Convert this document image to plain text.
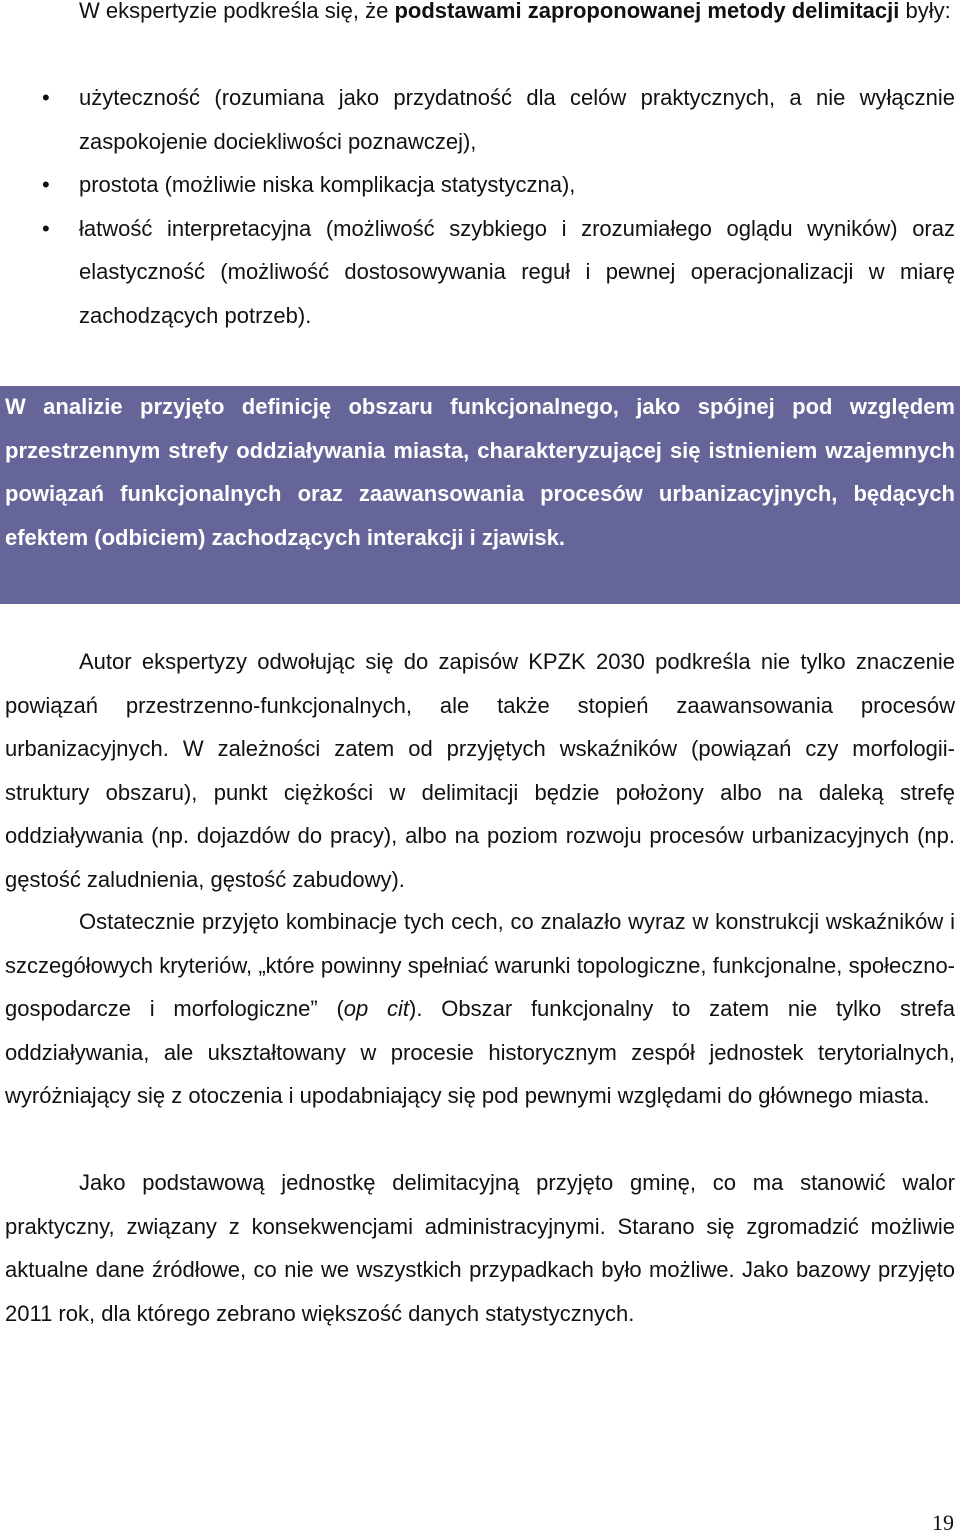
W ekspertyzie podkreśla się, że podstawami zaproponowanej metody delimitacji były:

• użyteczność (rozumiana jako przydatność dla celów praktycznych, a nie wyłącznie zaspokojenie dociekliwości poznawczej),
• prostota (możliwie niska komplikacja statystyczna),
• łatwość interpretacyjna (możliwość szybkiego i zrozumiałego oglądu wyników) oraz elastyczność (możliwość dostosowywania reguł i pewnej operacjonalizacji w miarę zachodzących potrzeb).

W analizie przyjęto definicję obszaru funkcjonalnego, jako spójnej pod względem przestrzennym strefy oddziaływania miasta, charakteryzującej się istnieniem wzajemnych powiązań funkcjonalnych oraz zaawansowania procesów urbanizacyjnych, będących efektem (odbiciem) zachodzących interakcji i zjawisk.

Autor ekspertyzy odwołując się do zapisów KPZK 2030 podkreśla nie tylko znaczenie powiązań przestrzenno-funkcjonalnych, ale także stopień zaawansowania procesów urbanizacyjnych. W zależności zatem od przyjętych wskaźników (powiązań czy morfologii-struktury obszaru), punkt ciężkości w delimitacji będzie położony albo na daleką strefę oddziaływania (np. dojazdów do pracy), albo na poziom rozwoju procesów urbanizacyjnych (np. gęstość zaludnienia, gęstość zabudowy).

Ostatecznie przyjęto kombinacje tych cech, co znalazło wyraz w konstrukcji wskaźników i szczegółowych kryteriów, „które powinny spełniać warunki topologiczne, funkcjonalne, społeczno-gospodarcze i morfologiczne” (op cit). Obszar funkcjonalny to zatem nie tylko strefa oddziaływania, ale ukształtowany w procesie historycznym zespół jednostek terytorialnych, wyróżniający się z otoczenia i upodabniający się pod pewnymi względami do głównego miasta.

Jako podstawową jednostkę delimitacyjną przyjęto gminę, co ma stanowić walor praktyczny, związany z konsekwencjami administracyjnymi. Starano się zgromadzić możliwie aktualne dane źródłowe, co nie we wszystkich przypadkach było możliwe. Jako bazowy przyjęto 2011 rok, dla którego zebrano większość danych statystycznych.

19
